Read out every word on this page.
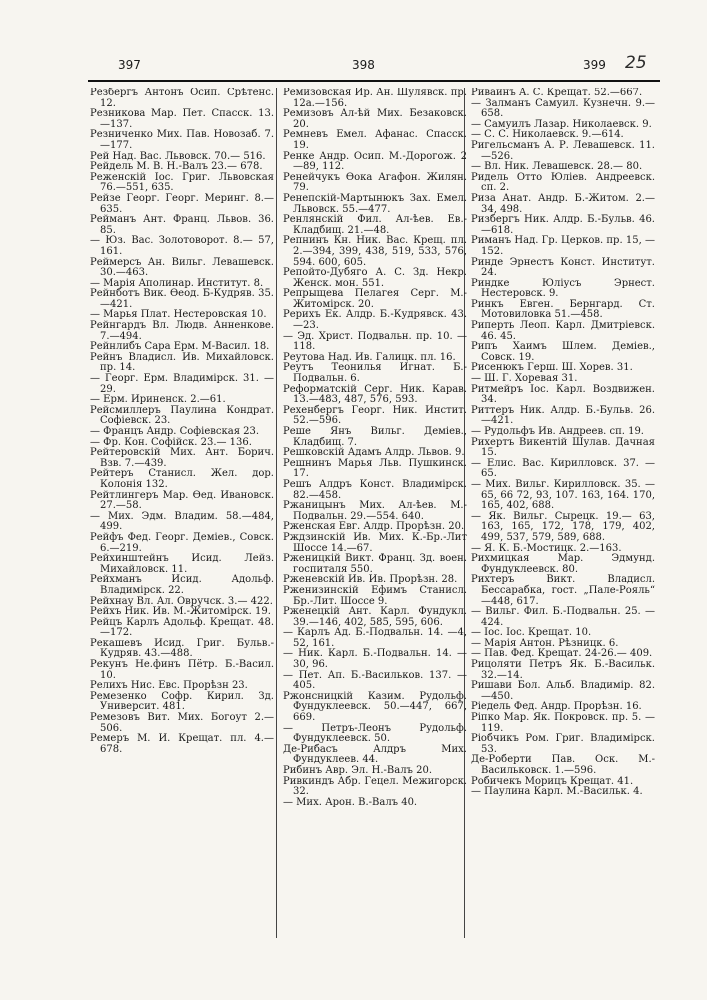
397	398	399 25

Резбергъ Антонъ Осип. Срѣтенс. 12.

Резникова Мар. Пет. Спасск. 13. —137.

Резниченко Мих. Пав. Новозаб. 7.—177.

Рей Над. Вас. Львовск. 70.— 516.

Рейдель М. В. Н.-Валъ 23.— 678.

Реженскій Іос. Григ. Львовская 76.—551, 635.

Рейзе Георг. Георг. Меринг. 8.— 635.

Рейманъ Ант. Франц. Львов. 36. 85.

— Юз. Вас. Золотоворот. 8.— 57, 161.

Реймерсъ Ан. Вильг. Левашевск. 30.—463.

— Марія Аполинар. Институт. 8.

Рейнботъ Вик. Ѳеод. Б-Кудряв. 35.—421.

— Марья Плат. Нестеровская 10.

Рейнгардъ Вл. Людв. Анненкове. 7.—494.

Рейнлибъ Сара Ерм. М-Васил. 18.

Рейнъ Владисл. Ив. Михайловск. пр. 14.

— Георг. Ерм. Владимірск. 31. —29.

— Ерм. Ириненск. 2.—61.

Рейсмиллеръ Паулина Кондрат. Софіевск. 23.

— Францъ Андр. Софіевская 23.

— Фр. Кон. Софійск. 23.— 136.

Рейтеровскій Мих. Ант. Борич. Взв. 7.—439.

Рейтеръ Станисл. Жел. дор. Колонія 132.

Рейтлингеръ Мар. Ѳед. Ивановск. 27.—58.

— Мих. Эдм. Владим. 58.—484, 499.

Рейфъ Фед. Георг. Деміев., Совск. 6.—219.

Рейхинштейнъ Исид. Лейз. Михайловск. 11.

Рейхманъ Исид. Адольф. Владимірск. 22.

Рейхнау Вл. Ал. Овручск. 3.— 422.

Рейхъ Ник. Ив. М.-Житомірск. 19.

Рейцъ Карлъ Адольф. Крещат. 48.—172.

Рекашевъ Исид. Григ. Бульв.-Кудряв. 43.—488.

Рекунъ Не.финъ Пётр. Б.-Васил. 10.

Релихъ Нис. Евс. Прорѣзн 23.

Ремезенко Софр. Кирил. Зд. Университ. 481.

Ремезовъ Вит. Мих. Богоут 2.— 506.

Ремеръ М. И. Крещат. пл. 4.— 678.

Ремизовская Ир. Ан. Шулявск. пр. 12а.—156.

Ремизовъ Ал-ѣй Мих. Безаковск. 20.

Ремневъ Емел. Афанас. Спасск. 19.

Ренке Андр. Осип. М.-Дорогож. 2—89, 112.

Ренейчукъ Ѳока Агафон. Жилян. 79.

Ренепскій-Мартынюкъ Зах. Емел. Львовск. 55.—477.

Ренлянскій Фил. Ал-ѣев. Ев.-Кладбищ. 21.—48.

Репнинъ Кн. Ник. Вас. Крещ. пл. 2.—394, 399, 438, 519, 533, 576, 594. 600, 605.

Репойто-Дубяго А. С. Зд. Некр. Женск. мон. 551.

Репрыщева Пелагея Серг. М.-Житомірск. 20.

Рерихъ Ек. Алдр. Б.-Кудрявск. 43.—23.

— Эд. Христ. Подвальн. пр. 10. —118.

Реутова Над. Ив. Галицк. пл. 16.

Реутъ Теонилья Игнат. Б.-Подвальн. 6.

Реформатскій Серг. Ник. Карав. 13.—483, 487, 576, 593.

Рехенбергъ Георг. Ник. Инстит. 52.—596.

Реше Янъ Вильг. Деміев., Кладбищ. 7.

Решковскій Адамъ Алдр. Львов. 9.

Решнинъ Марья Льв. Пушкинск. 17.

Решъ Алдръ Конст. Владимірск. 82.—458.

Ржаницынъ Мих. Ал-ѣев. М.-Подвальн. 29.—554. 640.

Рженская Евг. Алдр. Прорѣзн. 20.

Рждзинскій Ив. Мих. К.-Бр.-Лит Шоссе 14.—67.

Рженицкій Викт. Франц. Зд. воен. госпиталя 550.

Рженевскій Ив. Ив. Прорѣзн. 28.

Рженизинскій Ефимъ Станисл. Бр.-Лит. Шоссе 9.

Рженецкій Ант. Карл. Фундукл. 39.—146, 402, 585, 595, 606.

— Карлъ Ад. Б.-Подвальн. 14. —4, 52, 161.

— Ник. Карл. Б.-Подвальн. 14. —30, 96.

— Пет. Ап. Б.-Васильков. 137. —405.

Ржонсницкій Казим. Рудольф. Фундуклеевск. 50.—447, 667, 669.

— Петръ-Леонъ Рудольф. Фундуклеевск. 50.

Де-Рибасъ Алдръ Мих. Фундуклеев. 44.

Рибинъ Авр. Эл. Н.-Валъ 20.

Ривкиндъ Абр. Гецел. Межигорск. 32.

— Мих. Арон. В.-Валъ 40.

Риваинъ А. С. Крещат. 52.—667.

— Залманъ Самуил. Кузнечн. 9.—658.

— Самуилъ Лазар. Николаевск. 9.

— С. С. Николаевск. 9.—614.

Ригельсманъ А. Р. Левашевск. 11. —526.

— Вл. Ник. Левашевск. 28.— 80.

Ридель Отто Юліев. Андреевск. сп. 2.

Риза Анат. Андр. Б.-Житом. 2.— 34, 498.

Ризбергъ Ник. Алдр. Б.-Бульв. 46.—618.

Риманъ Над. Гр. Церков. пр. 15, —152.

Ринде Эрнестъ Конст. Институт. 24.

Риндке Юліусъ Эрнест. Нестеровск. 9.

Ринкъ Евген. Бернгард. Ст. Мотовиловка 51.—458.

Риперть Леоп. Карл. Дмитріевск. 46. 45.

Рипъ Хаимъ Шлем. Деміев., Совск. 19.

Рисенюкъ Герш. Ш. Хорев. 31.

— Ш. Г. Хоревая 31.

Ритмейръ Іос. Карл. Воздвижен. 34.

Риттеръ Ник. Алдр. Б.-Бульв. 26. —421.

— Рудольфъ Ив. Андреев. сп. 19.

Рихертъ Викентій Шулав. Дачная 15.

— Елис. Вас. Кирилловск. 37. —65.

— Мих. Вильг. Кирилловск. 35. —65, 66 72, 93, 107. 163, 164. 170, 165, 402, 688.

— Як. Вильг. Сырецк. 19.— 63, 163, 165, 172, 178, 179, 402, 499, 537, 579, 589, 688.

— Я. К. Б.-Мостицк. 2.—163.

Рихмицкая Мар. Эдмунд. Фундуклеевск. 80.

Рихтеръ Викт. Владисл. Бессарабка, гост. „Пале-Рояль“ —448, 617.

— Вильг. Фил. Б.-Подвальн. 25. —424.

— Іос. Іос. Крещат. 10.

— Марія Антон. Рѣзницк. 6.

— Пав. Фед. Крещат. 24-26.— 409.

Рицоляти Петръ Як. Б.-Васильк. 32.—14.

Ришави Бол. Альб. Владимір. 82. —450.

Ріедель Фед. Андр. Прорѣзн. 16.

Ріпко Мар. Як. Покровск. пр. 5. —119.

Ріобчикъ Ром. Григ. Владимірск. 53.

Де-Роберти Пав. Оск. М.-Васильковск. 1.—596.

Робичекъ Морицъ Крещат. 41.

— Паулина Карл. М.-Васильк. 4.
